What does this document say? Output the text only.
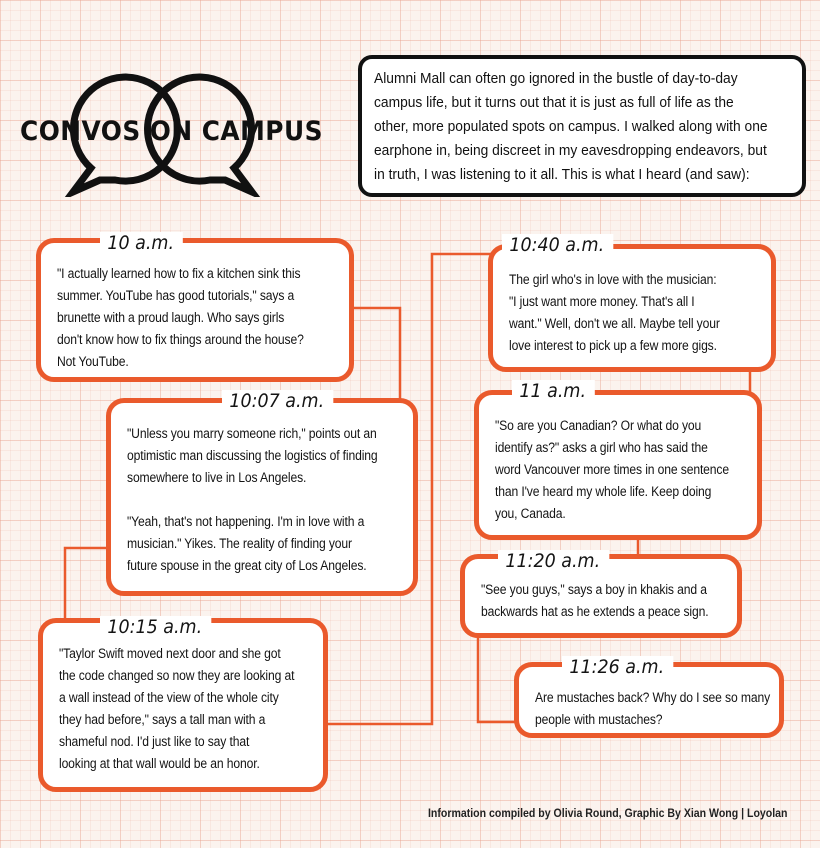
CONVOS ON CAMPUS
Alumni Mall can often go ignored in the bustle of day-to-day
campus life, but it turns out that it is just as full of life as the
other, more populated spots on campus. I walked along with one
earphone in, being discreet in my eavesdropping endeavors, but
in truth, I was listening to it all. This is what I heard (and saw):
"I actually learned how to fix a kitchen sink this
summer. YouTube has good tutorials," says a
brunette with a proud laugh. Who says girls
don't know how to fix things around the house?
Not YouTube.
10 a.m.
"Unless you marry someone rich," points out an
optimistic man discussing the logistics of finding
somewhere to live in Los Angeles.

"Yeah, that's not happening. I'm in love with a
musician." Yikes. The reality of finding your
future spouse in the great city of Los Angeles.
10:07 a.m.
"Taylor Swift moved next door and she got
the code changed so now they are looking at
a wall instead of the view of the whole city
they had before," says a tall man with a
shameful nod. I'd just like to say that
looking at that wall would be an honor.
10:15 a.m.
The girl who's in love with the musician:
"I just want more money. That's all I
want." Well, don't we all. Maybe tell your
love interest to pick up a few more gigs.
10:40 a.m.
"So are you Canadian? Or what do you
identify as?" asks a girl who has said the
word Vancouver more times in one sentence
than I've heard my whole life. Keep doing
you, Canada.
11 a.m.
"See you guys," says a boy in khakis and a
backwards hat as he extends a peace sign.
11:20 a.m.
Are mustaches back? Why do I see so many
people with mustaches?
11:26 a.m.
Information compiled by Olivia Round, Graphic By Xian Wong | Loyolan
